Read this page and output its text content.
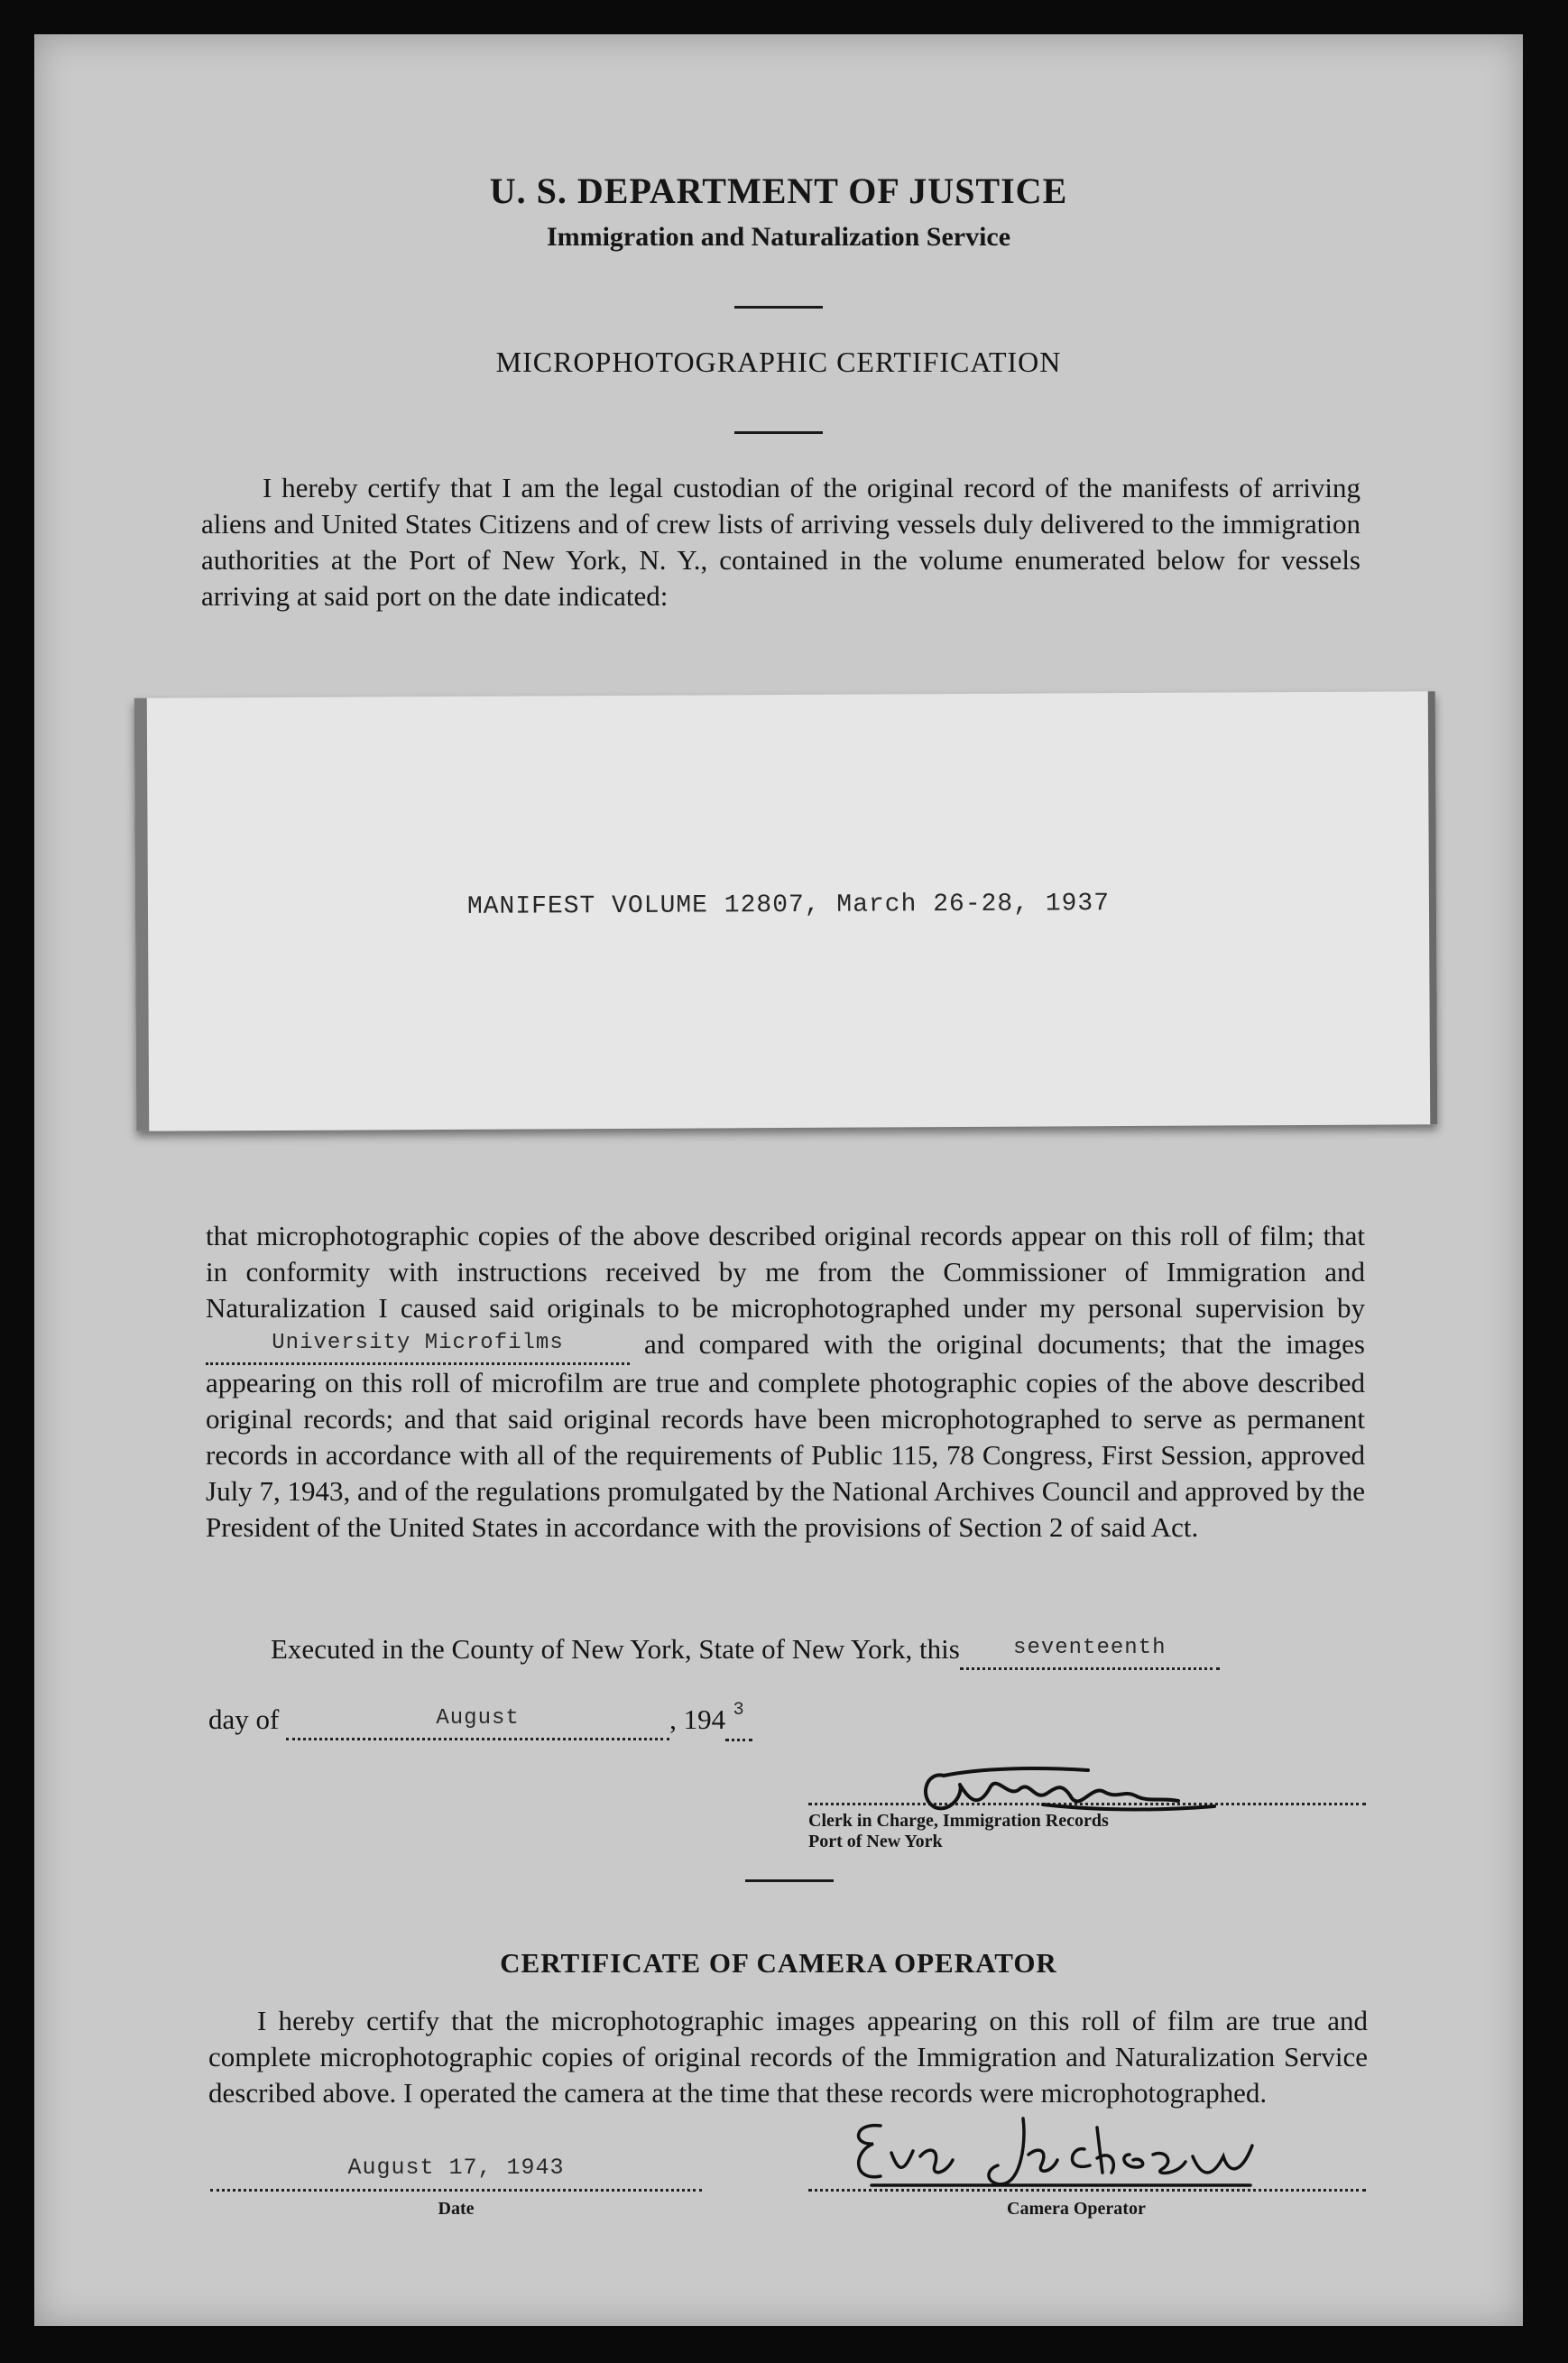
U. S. DEPARTMENT OF JUSTICE
Immigration and Naturalization Service
MICROPHOTOGRAPHIC CERTIFICATION
I hereby certify that I am the legal custodian of the original record of the manifests of arriving aliens and United States Citizens and of crew lists of arriving vessels duly delivered to the immigration authorities at the Port of New York, N. Y., contained in the volume enumerated below for vessels arriving at said port on the date indicated:
MANIFEST VOLUME 12807, March 26-28, 1937
that microphotographic copies of the above described original records appear on this roll of film; that in conformity with instructions received by me from the Commissioner of Immigration and Naturalization I caused said originals to be microphotographed under my personal supervision by University Microfilms	and compared with the original documents; that the images appearing on this roll of microfilm are true and complete photographic copies of the above described original records; and that said original records have been microphotographed to serve as permanent records in accordance with all of the requirements of Public 115, 78 Congress, First Session, approved July 7, 1943, and of the regulations promulgated by the National Archives Council and approved by the President of the United States in accordance with the provisions of Section 2 of said Act.
Executed in the County of New York, State of New York, this seventeenth
day of	August	, 194 $^3$
Clerk in Charge, Immigration Records
Port of New York
CERTIFICATE OF CAMERA OPERATOR
I hereby certify that the microphotographic images appearing on this roll of film are true and complete microphotographic copies of original records of the Immigration and Naturalization Service described above. I operated the camera at the time that these records were microphotographed.
August 17, 1943
Date	Camera Operator
